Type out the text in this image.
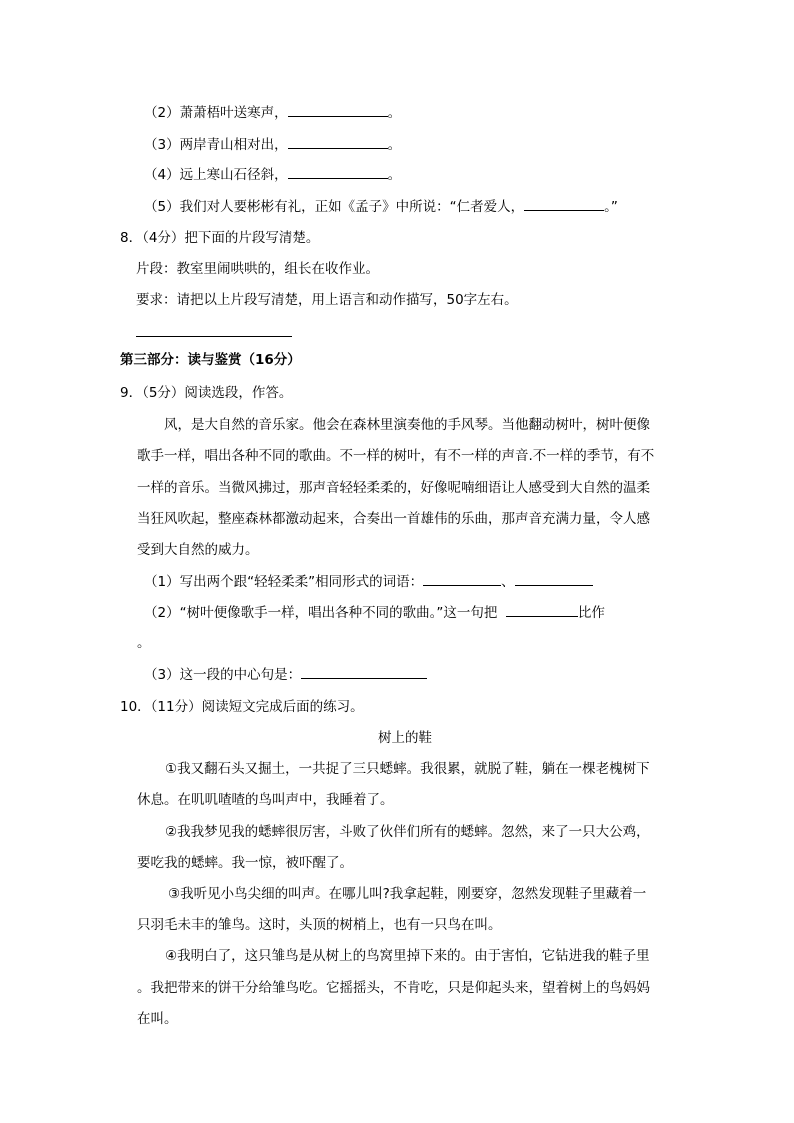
（2）萧萧梧叶送寒声，	。
（3）两岸青山相对出，	。
（4）远上寒山石径斜，	。
（5）我们对人要彬彬有礼，正如《孟子》中所说：“仁者爱人，	。”
8．（4分）把下面的片段写清楚。
片段：教室里闹哄哄的，组长在收作业。
要求：请把以上片段写清楚，用上语言和动作描写，50字左右。
第三部分：读与鉴赏（16分）
9．（5分）阅读选段，作答。
风，是大自然的音乐家。他会在森林里演奏他的手风琴。当他翻动树叶，树叶便像
歌手一样，唱出各种不同的歌曲。不一样的树叶，有不一样的声音.不一样的季节，有不
一样的音乐。当微风拂过，那声音轻轻柔柔的，好像呢喃细语让人感受到大自然的温柔
当狂风吹起，整座森林都激动起来，合奏出一首雄伟的乐曲，那声音充满力量，令人感
受到大自然的威力。
（1）写出两个跟“轻轻柔柔”相同形式的词语：	、
（2）“树叶便像歌手一样，唱出各种不同的歌曲。”这一句把	比作
。
（3）这一段的中心句是：
10．（11分）阅读短文完成后面的练习。
树上的鞋
①我又翻石头又掘土，一共捉了三只蟋蟀。我很累，就脱了鞋，躺在一棵老槐树下
休息。在叽叽喳喳的鸟叫声中，我睡着了。
②我我梦见我的蟋蟀很厉害，斗败了伙伴们所有的蟋蟀。忽然，来了一只大公鸡，
要吃我的蟋蟀。我一惊，被吓醒了。
③我听见小鸟尖细的叫声。在哪儿叫?我拿起鞋，刚要穿，忽然发现鞋子里藏着一
只羽毛未丰的雏鸟。这时，头顶的树梢上，也有一只鸟在叫。
④我明白了，这只雏鸟是从树上的鸟窝里掉下来的。由于害怕，它钻进我的鞋子里
。我把带来的饼干分给雏鸟吃。它摇摇头，不肯吃，只是仰起头来，望着树上的鸟妈妈
在叫。
